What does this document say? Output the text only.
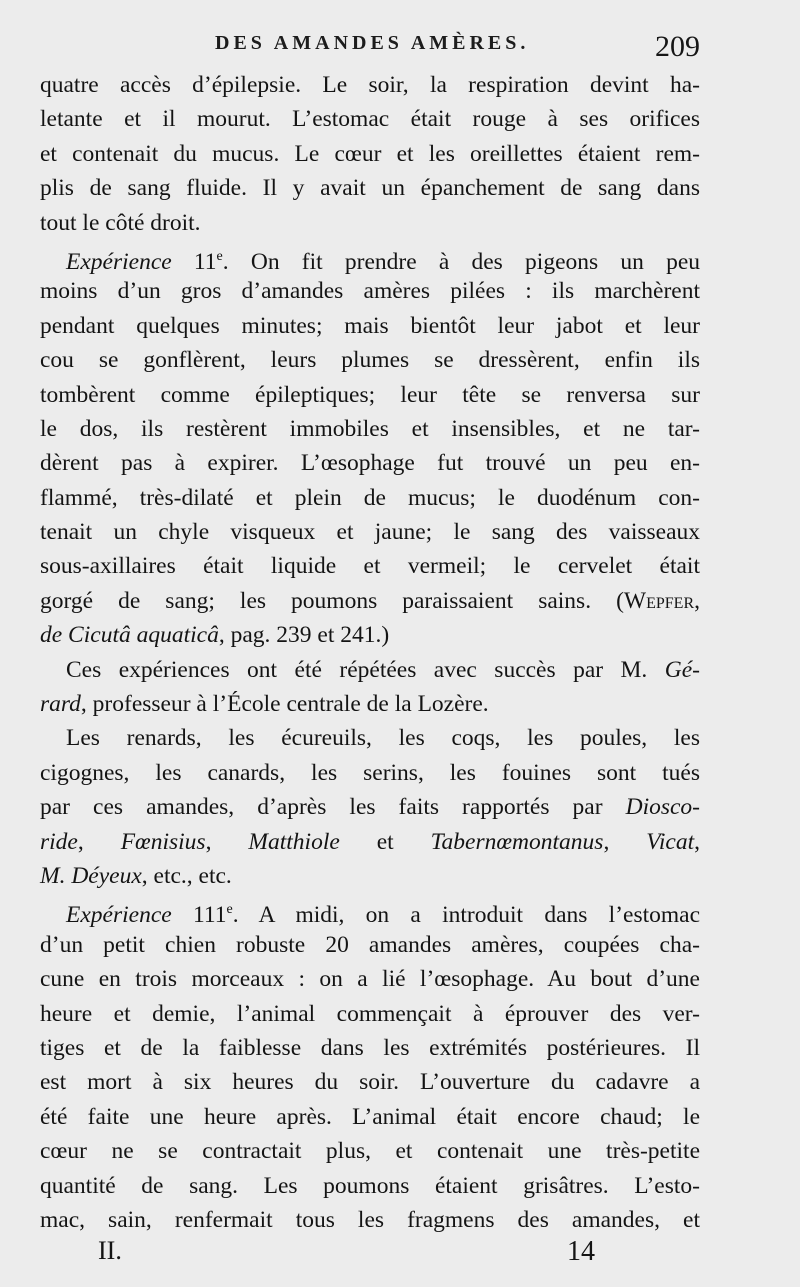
DES AMANDES AMÈRES.	209
quatre accès d’épilepsie. Le soir, la respiration devint ha-
letante et il mourut. L’estomac était rouge à ses orifices
et contenait du mucus. Le cœur et les oreillettes étaient rem-
plis de sang fluide. Il y avait un épanchement de sang dans
tout le côté droit.
Expérience 11e. On fit prendre à des pigeons un peu
moins d’un gros d’amandes amères pilées : ils marchèrent
pendant quelques minutes; mais bientôt leur jabot et leur
cou se gonflèrent, leurs plumes se dressèrent, enfin ils
tombèrent comme épileptiques; leur tête se renversa sur
le dos, ils restèrent immobiles et insensibles, et ne tar-
dèrent pas à expirer. L’œsophage fut trouvé un peu en-
flammé, très-dilaté et plein de mucus; le duodénum con-
tenait un chyle visqueux et jaune; le sang des vaisseaux
sous-axillaires était liquide et vermeil; le cervelet était
gorgé de sang; les poumons paraissaient sains. (Wepfer,
de Cicutâ aquaticâ, pag. 239 et 241.)
Ces expériences ont été répétées avec succès par M. Gé-
rard, professeur à l’École centrale de la Lozère.
Les renards, les écureuils, les coqs, les poules, les
cigognes, les canards, les serins, les fouines sont tués
par ces amandes, d’après les faits rapportés par Diosco-
ride, Fœnisius, Matthiole et Tabernœmontanus, Vicat,
M. Déyeux, etc., etc.
Expérience 111e. A midi, on a introduit dans l’estomac
d’un petit chien robuste 20 amandes amères, coupées cha-
cune en trois morceaux : on a lié l’œsophage. Au bout d’une
heure et demie, l’animal commençait à éprouver des ver-
tiges et de la faiblesse dans les extrémités postérieures. Il
est mort à six heures du soir. L’ouverture du cadavre a
été faite une heure après. L’animal était encore chaud; le
cœur ne se contractait plus, et contenait une très-petite
quantité de sang. Les poumons étaient grisâtres. L’esto-
mac, sain, renfermait tous les fragmens des amandes, et
II.	14
